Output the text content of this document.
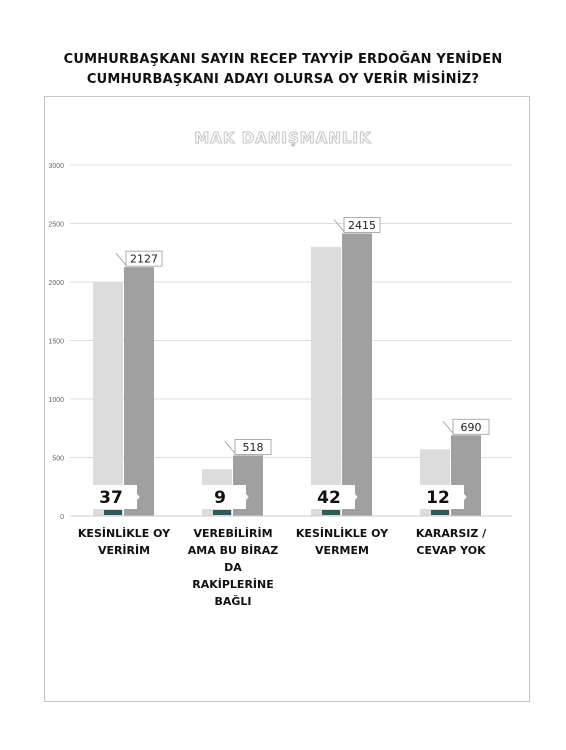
CUMHURBAŞKANI SAYIN RECEP TAYYİP ERDOĞAN YENİDEN
CUMHURBAŞKANI ADAYI OLURSA OY VERİR MİSİNİZ?
MAK DANIŞMANLIK
0
500
1000
1500
2000
2500
3000
2127
37
KESİNLİKLE OY
VERİRİM
518
9
VEREBİLİRİM
AMA BU BİRAZ
DA
RAKİPLERİNE
BAĞLI
2415
42
KESİNLİKLE OY
VERMEM
690
12
KARARSIZ /
CEVAP YOK
